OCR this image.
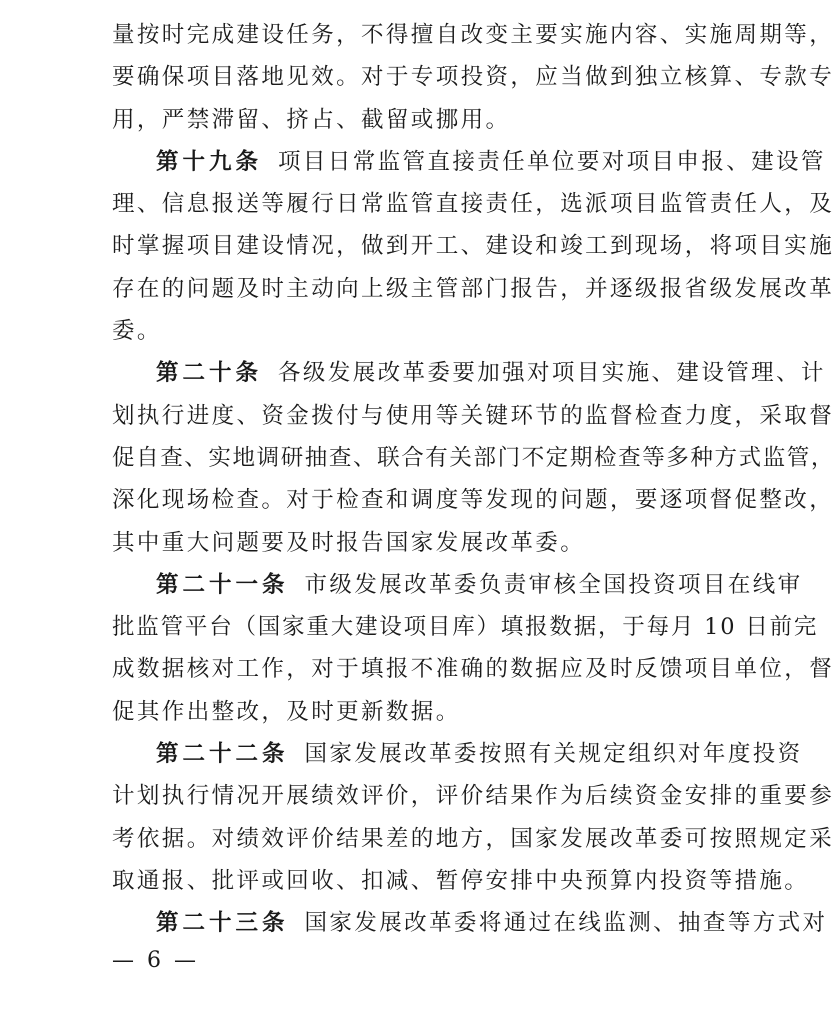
量按时完成建设任务，不得擅自改变主要实施内容、实施周期等，
要确保项目落地见效。对于专项投资，应当做到独立核算、专款专
用，严禁滞留、挤占、截留或挪用。
第十九条 项目日常监管直接责任单位要对项目申报、建设管
理、信息报送等履行日常监管直接责任，选派项目监管责任人，及
时掌握项目建设情况，做到开工、建设和竣工到现场，将项目实施
存在的问题及时主动向上级主管部门报告，并逐级报省级发展改革
委。
第二十条 各级发展改革委要加强对项目实施、建设管理、计
划执行进度、资金拨付与使用等关键环节的监督检查力度，采取督
促自查、实地调研抽查、联合有关部门不定期检查等多种方式监管，
深化现场检查。对于检查和调度等发现的问题，要逐项督促整改，
其中重大问题要及时报告国家发展改革委。
第二十一条 市级发展改革委负责审核全国投资项目在线审
批监管平台（国家重大建设项目库）填报数据，于每月 10 日前完
成数据核对工作，对于填报不准确的数据应及时反馈项目单位，督
促其作出整改，及时更新数据。
第二十二条 国家发展改革委按照有关规定组织对年度投资
计划执行情况开展绩效评价，评价结果作为后续资金安排的重要参
考依据。对绩效评价结果差的地方，国家发展改革委可按照规定采
取通报、批评或回收、扣减、暂停安排中央预算内投资等措施。
第二十三条 国家发展改革委将通过在线监测、抽查等方式对
— 6 —
